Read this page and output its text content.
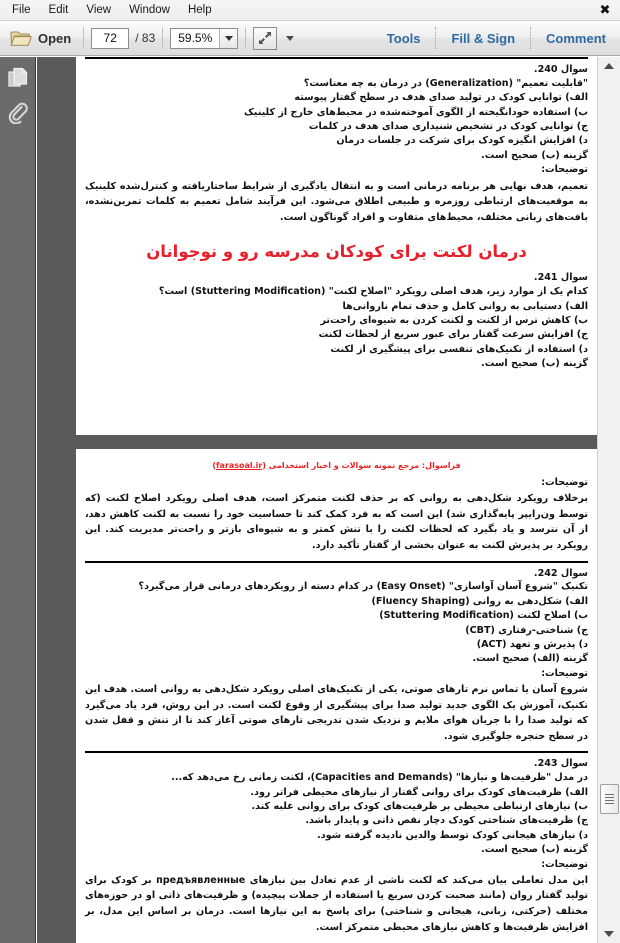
File	Edit	View	Window	Help	✖
Open	72	/ 83	59.5%	Tools	Fill & Sign	Comment
سوال 240.
"قابلیت تعمیم" (Generalization) در درمان به چه معناست؟
الف) توانایی کودک در تولید صدای هدف در سطح گفتار پیوسته
ب) استفاده خودانگیخته از الگوی آموخته‌شده در محیط‌های خارج از کلینیک
ج) توانایی کودک در تشخیص شنیداری صدای هدف در کلمات
د) افزایش انگیزه کودک برای شرکت در جلسات درمان
گزینه (ب) صحیح است.
توضیحات:
تعمیم، هدف نهایی هر برنامه درمانی است و به انتقال یادگیری از شرایط ساختاریافته و کنترل‌شده کلینیک به موقعیت‌های ارتباطی روزمره و طبیعی اطلاق می‌شود. این فرآیند شامل تعمیم به کلمات تمرین‌نشده، بافت‌های زبانی مختلف، محیط‌های متفاوت و افراد گوناگون است.
درمان لکنت برای کودکان مدرسه رو و نوجوانان
سوال 241.
کدام یک از موارد زیر، هدف اصلی رویکرد "اصلاح لکنت" (Stuttering Modification) است؟
الف) دستیابی به روانی کامل و حذف تمام ناروانی‌ها
ب) کاهش ترس از لکنت و لکنت کردن به شیوه‌ای راحت‌تر
ج) افزایش سرعت گفتار برای عبور سریع از لحظات لکنت
د) استفاده از تکنیک‌های تنفسی برای پیشگیری از لکنت
گزینه (ب) صحیح است.
فراسوال: مرجع نمونه سوالات و اخبار استخدامی (farasoal.ir)
توضیحات:
برخلاف رویکرد شکل‌دهی به روانی که بر حذف لکنت متمرکز است، هدف اصلی رویکرد اصلاح لکنت (که توسط ون‌رایپر پایه‌گذاری شد) این است که به فرد کمک کند تا حساسیت خود را نسبت به لکنت کاهش دهد، از آن نترسد و یاد بگیرد که لحظات لکنت را با تنش کمتر و به شیوه‌ای بازتر و راحت‌تر مدیریت کند. این رویکرد بر پذیرش لکنت به عنوان بخشی از گفتار تأکید دارد.
سوال 242.
تکنیک "شروع آسان آواسازی" (Easy Onset) در کدام دسته از رویکردهای درمانی قرار می‌گیرد؟
الف) شکل‌دهی به روانی (Fluency Shaping)
ب) اصلاح لکنت (Stuttering Modification)
ج) شناختی-رفتاری (CBT)
د) پذیرش و تعهد (ACT)
گزینه (الف) صحیح است.
توضیحات:
شروع آسان یا تماس نرم تارهای صوتی، یکی از تکنیک‌های اصلی رویکرد شکل‌دهی به روانی است. هدف این تکنیک، آموزش یک الگوی جدید تولید صدا برای پیشگیری از وقوع لکنت است. در این روش، فرد یاد می‌گیرد که تولید صدا را با جریان هوای ملایم و نزدیک شدن تدریجی تارهای صوتی آغاز کند تا از تنش و قفل شدن در سطح حنجره جلوگیری شود.
سوال 243.
در مدل "ظرفیت‌ها و نیازها" (Capacities and Demands)، لکنت زمانی رخ می‌دهد که...
الف) ظرفیت‌های کودک برای روانی گفتار از نیازهای محیطی فراتر رود.
ب) نیازهای ارتباطی محیطی بر ظرفیت‌های کودک برای روانی غلبه کند.
ج) ظرفیت‌های شناختی کودک دچار نقص ذاتی و پایدار باشد.
د) نیازهای هیجانی کودک توسط والدین نادیده گرفته شود.
گزینه (ب) صحیح است.
توضیحات:
این مدل تعاملی بیان می‌کند که لکنت ناشی از عدم تعادل بین نیازهای предъявленные بر کودک برای تولید گفتار روان (مانند صحبت کردن سریع یا استفاده از جملات پیچیده) و ظرفیت‌های ذاتی او در حوزه‌های مختلف (حرکتی، زبانی، هیجانی و شناختی) برای پاسخ به این نیازها است. درمان بر اساس این مدل، بر افزایش ظرفیت‌ها و کاهش نیازهای محیطی متمرکز است.
